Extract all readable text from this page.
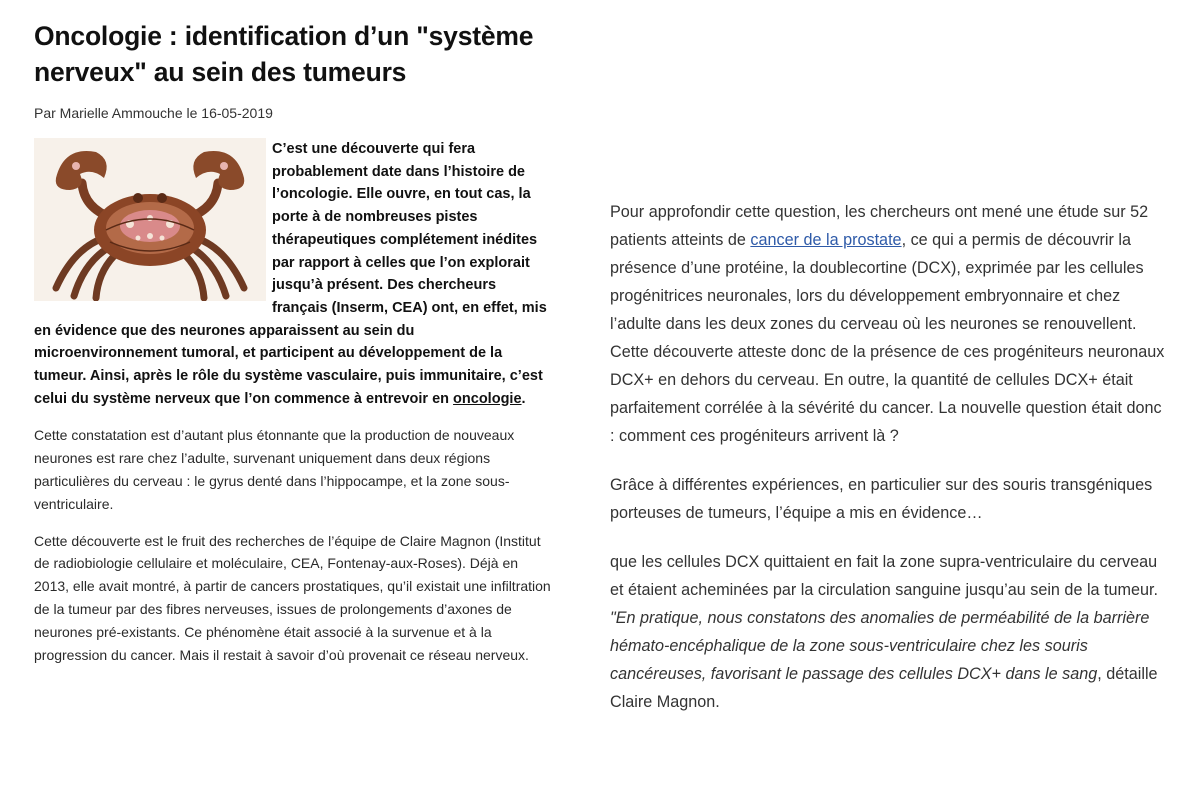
Oncologie : identification d’un "système nerveux" au sein des tumeurs
Par Marielle Ammouche le 16-05-2019
C’est une découverte qui fera probablement date dans l’histoire de l’oncologie. Elle ouvre, en tout cas, la porte à de nombreuses pistes thérapeutiques complétement inédites par rapport à celles que l’on explorait jusqu’à présent. Des chercheurs français (Inserm, CEA) ont, en effet, mis en évidence que des neurones apparaissent au sein du microenvironnement tumoral, et participent au développement de la tumeur. Ainsi, après le rôle du système vasculaire, puis immunitaire, c’est celui du système nerveux que l’on commence à entrevoir en oncologie.

Cette constatation est d’autant plus étonnante que la production de nouveaux neurones est rare chez l’adulte, survenant uniquement dans deux régions particulières du cerveau : le gyrus denté dans l’hippocampe, et la zone sous-ventriculaire.

Cette découverte est le fruit des recherches de l’équipe de Claire Magnon (Institut de radiobiologie cellulaire et moléculaire, CEA, Fontenay-aux-Roses). Déjà en 2013, elle avait montré, à partir de cancers prostatiques, qu’il existait une infiltration de la tumeur par des fibres nerveuses, issues de prolongements d’axones de neurones pré-existants. Ce phénomène était associé à la survenue et à la progression du cancer. Mais il restait à savoir d’où provenait ce réseau nerveux.

Pour approfondir cette question, les chercheurs ont mené une étude sur 52 patients atteints de cancer de la prostate, ce qui a permis de découvrir la présence d’une protéine, la doublecortine (DCX), exprimée par les cellules progénitrices neuronales, lors du développement embryonnaire et chez l’adulte dans les deux zones du cerveau où les neurones se renouvellent. Cette découverte atteste donc de la présence de ces progéniteurs neuronaux DCX+ en dehors du cerveau. En outre, la quantité de cellules DCX+ était parfaitement corrélée à la sévérité du cancer. La nouvelle question était donc : comment ces progéniteurs arrivent là ?

Grâce à différentes expériences, en particulier sur des souris transgéniques porteuses de tumeurs, l’équipe a mis en évidence…

que les cellules DCX quittaient en fait la zone supra-ventriculaire du cerveau et étaient acheminées par la circulation sanguine jusqu’au sein de la tumeur. "En pratique, nous constatons des anomalies de perméabilité de la barrière hémato-encéphalique de la zone sous-ventriculaire chez les souris cancéreuses, favorisant le passage des cellules DCX+ dans le sang, détaille Claire Magnon.
